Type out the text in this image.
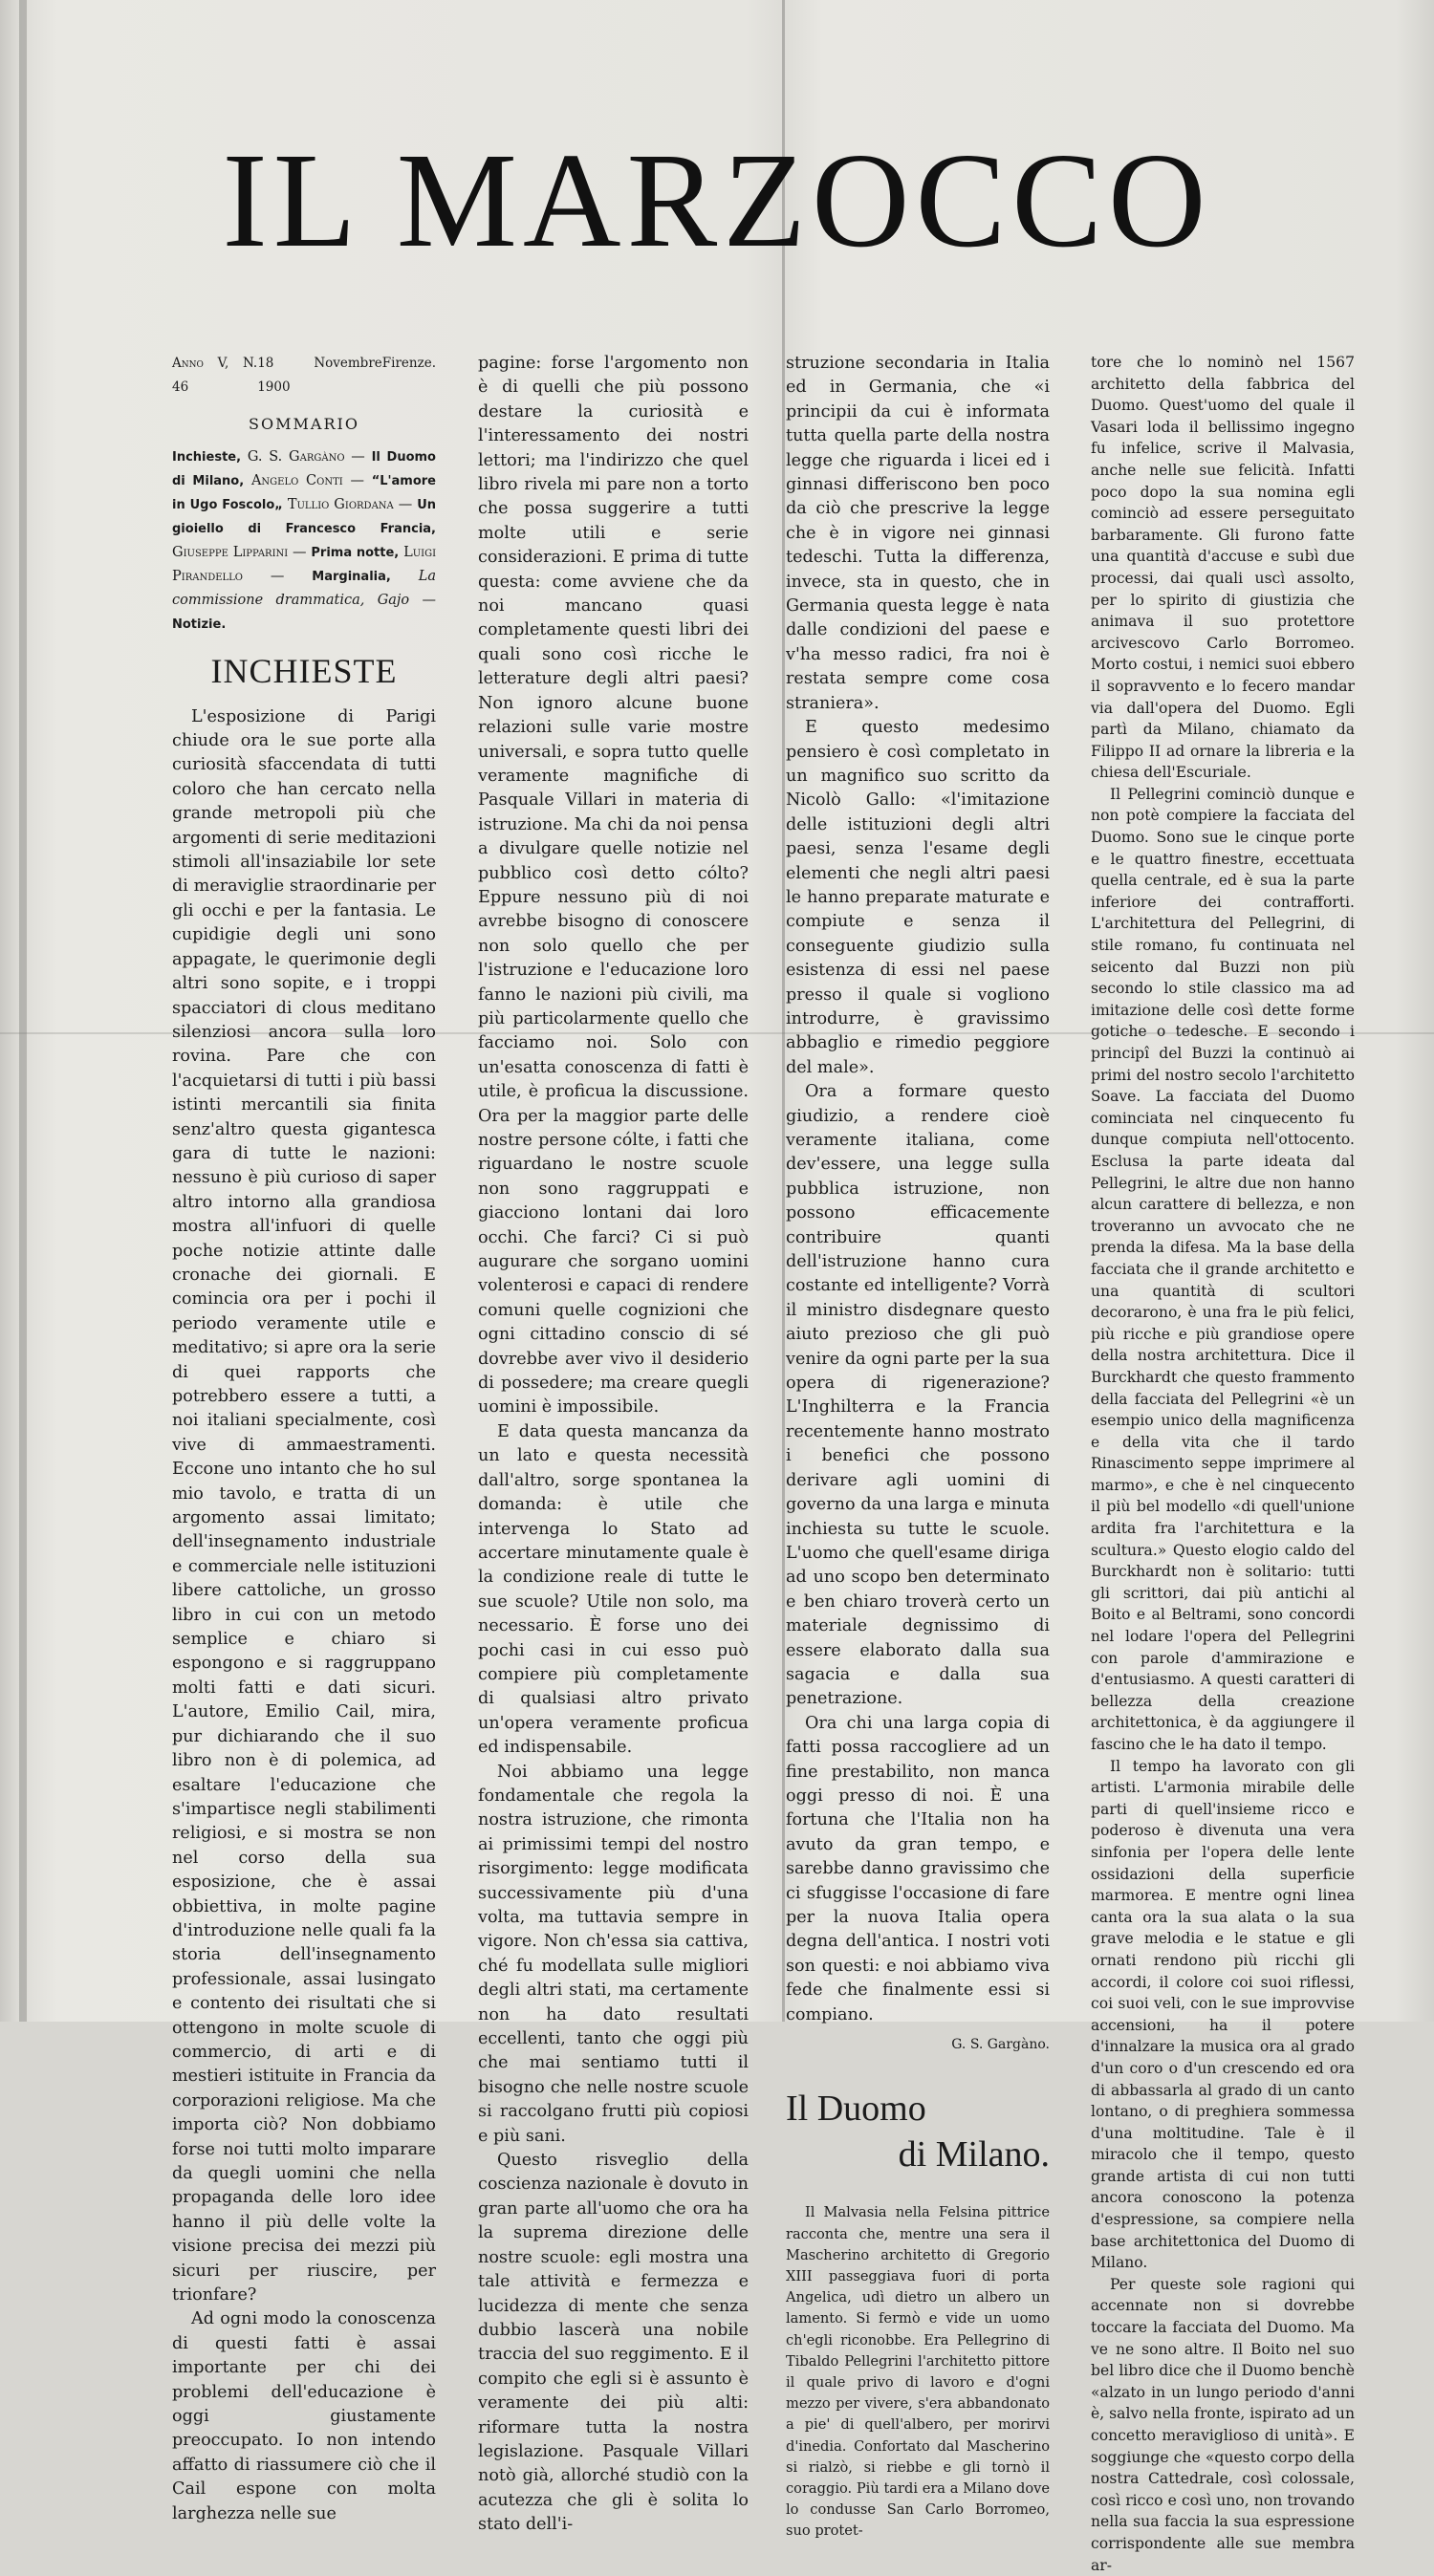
IL MARZOCCO
Anno V, N. 46
18 Novembre 1900
Firenze.
SOMMARIO
Inchieste, G. S. Gargàno — Il Duomo di Milano, Angelo Conti — “L'amore in Ugo Foscolo„ Tullio Giordana — Un gioiello di Francesco Francia, Giuseppe Lipparini — Prima notte, Luigi Pirandello — Marginalia, La commissione drammatica, Gajo — Notizie.
INCHIESTE

L'esposizione di Parigi chiude ora le sue porte alla curiosità sfaccendata di tutti coloro che han cercato nella grande metropoli più che argomenti di serie meditazioni stimoli all'insaziabile lor sete di meraviglie straordinarie per gli occhi e per la fantasia. Le cupidigie degli uni sono appagate, le querimonie degli altri sono sopite, e i troppi spacciatori di clous meditano silenziosi ancora sulla loro rovina. Pare che con l'acquietarsi di tutti i più bassi istinti mercantili sia finita senz'altro questa gigantesca gara di tutte le nazioni: nessuno è più curioso di saper altro intorno alla grandiosa mostra all'infuori di quelle poche notizie attinte dalle cronache dei giornali. E comincia ora per i pochi il periodo veramente utile e meditativo; si apre ora la serie di quei rapports che potrebbero essere a tutti, a noi italiani specialmente, così vive di ammaestramenti. Eccone uno intanto che ho sul mio tavolo, e tratta di un argomento assai limitato; dell'insegnamento industriale e commerciale nelle istituzioni libere cattoliche, un grosso libro in cui con un metodo semplice e chiaro si espongono e si raggruppano molti fatti e dati sicuri. L'autore, Emilio Cail, mira, pur dichiarando che il suo libro non è di polemica, ad esaltare l'educazione che s'impartisce negli stabilimenti religiosi, e si mostra se non nel corso della sua esposizione, che è assai obbiettiva, in molte pagine d'introduzione nelle quali fa la storia dell'insegnamento professionale, assai lusingato e contento dei risultati che si ottengono in molte scuole di commercio, di arti e di mestieri istituite in Francia da corporazioni religiose. Ma che importa ciò? Non dobbiamo forse noi tutti molto imparare da quegli uomini che nella propaganda delle loro idee hanno il più delle volte la visione precisa dei mezzi più sicuri per riuscire, per trionfare?

Ad ogni modo la conoscenza di questi fatti è assai importante per chi dei problemi dell'educazione è oggi giustamente preoccupato. Io non intendo affatto di riassumere ciò che il Cail espone con molta larghezza nelle sue

pagine: forse l'argomento non è di quelli che più possono destare la curiosità e l'interessamento dei nostri lettori; ma l'indirizzo che quel libro rivela mi pare non a torto che possa suggerire a tutti molte utili e serie considerazioni. E prima di tutte questa: come avviene che da noi mancano quasi completamente questi libri dei quali sono così ricche le letterature degli altri paesi? Non ignoro alcune buone relazioni sulle varie mostre universali, e sopra tutto quelle veramente magnifiche di Pasquale Villari in materia di istruzione. Ma chi da noi pensa a divulgare quelle notizie nel pubblico così detto cólto? Eppure nessuno più di noi avrebbe bisogno di conoscere non solo quello che per l'istruzione e l'educazione loro fanno le nazioni più civili, ma più particolarmente quello che facciamo noi. Solo con un'esatta conoscenza di fatti è utile, è proficua la discussione. Ora per la maggior parte delle nostre persone cólte, i fatti che riguardano le nostre scuole non sono raggruppati e giacciono lontani dai loro occhi. Che farci? Ci si può augurare che sorgano uomini volenterosi e capaci di rendere comuni quelle cognizioni che ogni cittadino conscio di sé dovrebbe aver vivo il desiderio di possedere; ma creare quegli uomini è impossibile.

E data questa mancanza da un lato e questa necessità dall'altro, sorge spontanea la domanda: è utile che intervenga lo Stato ad accertare minutamente quale è la condizione reale di tutte le sue scuole? Utile non solo, ma necessario. È forse uno dei pochi casi in cui esso può compiere più completamente di qualsiasi altro privato un'opera veramente proficua ed indispensabile.

Noi abbiamo una legge fondamentale che regola la nostra istruzione, che rimonta ai primissimi tempi del nostro risorgimento: legge modificata successivamente più d'una volta, ma tuttavia sempre in vigore. Non ch'essa sia cattiva, ché fu modellata sulle migliori degli altri stati, ma certamente non ha dato resultati eccellenti, tanto che oggi più che mai sentiamo tutti il bisogno che nelle nostre scuole si raccolgano frutti più copiosi e più sani.

Questo risveglio della coscienza nazionale è dovuto in gran parte all'uomo che ora ha la suprema direzione delle nostre scuole: egli mostra una tale attività e fermezza e lucidezza di mente che senza dubbio lascerà una nobile traccia del suo reggimento. E il compito che egli si è assunto è veramente dei più alti: riformare tutta la nostra legislazione. Pasquale Villari notò già, allorché studiò con la acutezza che gli è solita lo stato dell'i-

struzione secondaria in Italia ed in Germania, che «i principii da cui è informata tutta quella parte della nostra legge che riguarda i licei ed i ginnasi differiscono ben poco da ciò che prescrive la legge che è in vigore nei ginnasi tedeschi. Tutta la differenza, invece, sta in questo, che in Germania questa legge è nata dalle condizioni del paese e v'ha messo radici, fra noi è restata sempre come cosa straniera».

E questo medesimo pensiero è così completato in un magnifico suo scritto da Nicolò Gallo: «l'imitazione delle istituzioni degli altri paesi, senza l'esame degli elementi che negli altri paesi le hanno preparate maturate e compiute e senza il conseguente giudizio sulla esistenza di essi nel paese presso il quale si vogliono introdurre, è gravissimo abbaglio e rimedio peggiore del male».

Ora a formare questo giudizio, a rendere cioè veramente italiana, come dev'essere, una legge sulla pubblica istruzione, non possono efficacemente contribuire quanti dell'istruzione hanno cura costante ed intelligente? Vorrà il ministro disdegnare questo aiuto prezioso che gli può venire da ogni parte per la sua opera di rigenerazione? L'Inghilterra e la Francia recentemente hanno mostrato i benefici che possono derivare agli uomini di governo da una larga e minuta inchiesta su tutte le scuole. L'uomo che quell'esame diriga ad uno scopo ben determinato e ben chiaro troverà certo un materiale degnissimo di essere elaborato dalla sua sagacia e dalla sua penetrazione.

Ora chi una larga copia di fatti possa raccogliere ad un fine prestabilito, non manca oggi presso di noi. È una fortuna che l'Italia non ha avuto da gran tempo, e sarebbe danno gravissimo che ci sfuggisse l'occasione di fare per la nuova Italia opera degna dell'antica. I nostri voti son questi: e noi abbiamo viva fede che finalmente essi si compiano.

G. S. Gargàno.
Il Duomo
di Milano.

Il Malvasia nella Felsina pittrice racconta che, mentre una sera il Mascherino architetto di Gregorio XIII passeggiava fuori di porta Angelica, udì dietro un albero un lamento. Si fermò e vide un uomo ch'egli riconobbe. Era Pellegrino di Tibaldo Pellegrini l'architetto pittore il quale privo di lavoro e d'ogni mezzo per vivere, s'era abbandonato a pie' di quell'albero, per morirvi d'inedia. Confortato dal Mascherino si rialzò, si riebbe e gli tornò il coraggio. Più tardi era a Milano dove lo condusse San Carlo Borromeo, suo protet-

tore che lo nominò nel 1567 architetto della fabbrica del Duomo. Quest'uomo del quale il Vasari loda il bellissimo ingegno fu infelice, scrive il Malvasia, anche nelle sue felicità. Infatti poco dopo la sua nomina egli cominciò ad essere perseguitato barbaramente. Gli furono fatte una quantità d'accuse e subì due processi, dai quali uscì assolto, per lo spirito di giustizia che animava il suo protettore arcivescovo Carlo Borromeo. Morto costui, i nemici suoi ebbero il sopravvento e lo fecero mandar via dall'opera del Duomo. Egli partì da Milano, chiamato da Filippo II ad ornare la libreria e la chiesa dell'Escuriale.

Il Pellegrini cominciò dunque e non potè compiere la facciata del Duomo. Sono sue le cinque porte e le quattro finestre, eccettuata quella centrale, ed è sua la parte inferiore dei contrafforti. L'architettura del Pellegrini, di stile romano, fu continuata nel seicento dal Buzzi non più secondo lo stile classico ma ad imitazione delle così dette forme gotiche o tedesche. E secondo i principî del Buzzi la continuò ai primi del nostro secolo l'architetto Soave. La facciata del Duomo cominciata nel cinquecento fu dunque compiuta nell'ottocento. Esclusa la parte ideata dal Pellegrini, le altre due non hanno alcun carattere di bellezza, e non troveranno un avvocato che ne prenda la difesa. Ma la base della facciata che il grande architetto e una quantità di scultori decorarono, è una fra le più felici, più ricche e più grandiose opere della nostra architettura. Dice il Burckhardt che questo frammento della facciata del Pellegrini «è un esempio unico della magnificenza e della vita che il tardo Rinascimento seppe imprimere al marmo», e che è nel cinquecento il più bel modello «di quell'unione ardita fra l'architettura e la scultura.» Questo elogio caldo del Burckhardt non è solitario: tutti gli scrittori, dai più antichi al Boito e al Beltrami, sono concordi nel lodare l'opera del Pellegrini con parole d'ammirazione e d'entusiasmo. A questi caratteri di bellezza della creazione architettonica, è da aggiungere il fascino che le ha dato il tempo.

Il tempo ha lavorato con gli artisti. L'armonia mirabile delle parti di quell'insieme ricco e poderoso è divenuta una vera sinfonia per l'opera delle lente ossidazioni della superficie marmorea. E mentre ogni linea canta ora la sua alata o la sua grave melodia e le statue e gli ornati rendono più ricchi gli accordi, il colore coi suoi riflessi, coi suoi veli, con le sue improvvise accensioni, ha il potere d'innalzare la musica ora al grado d'un coro o d'un crescendo ed ora di abbassarla al grado di un canto lontano, o di preghiera sommessa d'una moltitudine. Tale è il miracolo che il tempo, questo grande artista di cui non tutti ancora conoscono la potenza d'espressione, sa compiere nella base architettonica del Duomo di Milano.

Per queste sole ragioni qui accennate non si dovrebbe toccare la facciata del Duomo. Ma ve ne sono altre. Il Boito nel suo bel libro dice che il Duomo benchè «alzato in un lungo periodo d'anni è, salvo nella fronte, ispirato ad un concetto meraviglioso di unità». E soggiunge che «questo corpo della nostra Cattedrale, così colossale, così ricco e così uno, non trovando nella sua faccia la sua espressione corrispondente alle sue membra ar-
